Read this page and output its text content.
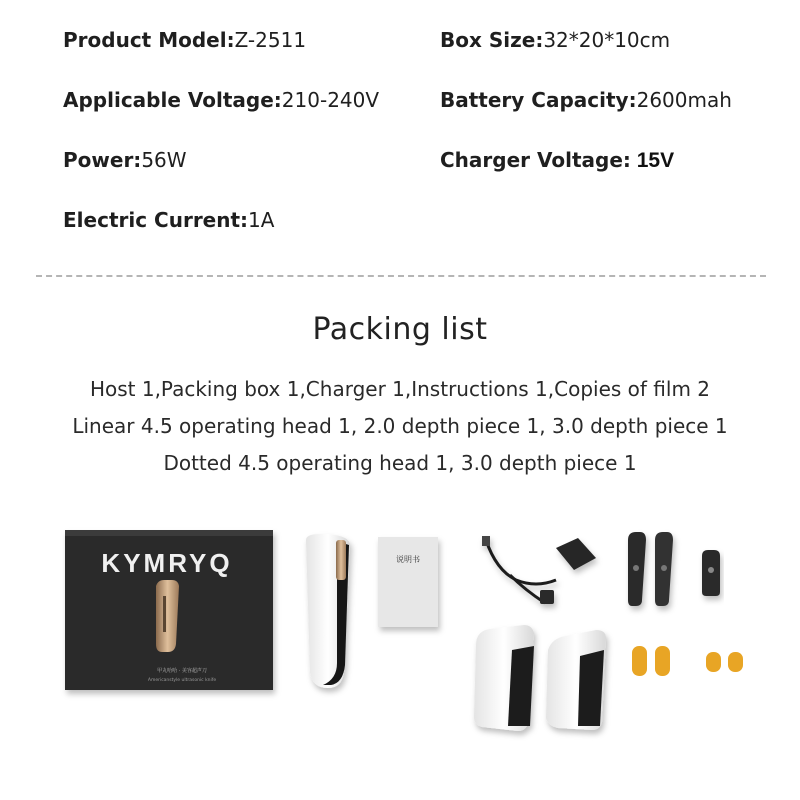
Product Model:Z-2511	Box Size:32*20*10cm
Applicable Voltage:210-240V	Battery Capacity:2600mah
Power:56W	Charger Voltage: 15V
Electric Current:1A
Packing list
Host 1,Packing box 1,Charger 1,Instructions 1,Copies of film 2
Linear 4.5 operating head 1, 2.0 depth piece 1, 3.0 depth piece 1
Dotted 4.5 operating head 1, 3.0 depth piece 1
KYMRYQ
甲丸哈哈 · 美容超声刀
Americanstyle ultrasonic knife
说明书
